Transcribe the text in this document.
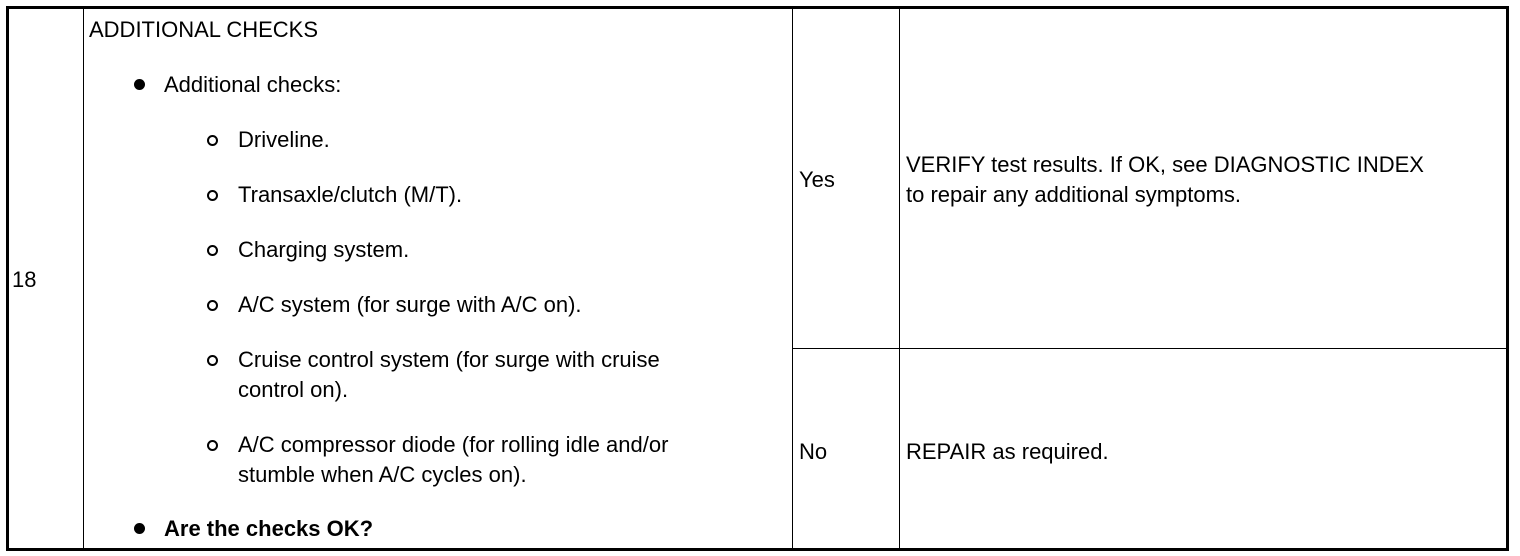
18
ADDITIONAL CHECKS
Additional checks:
Driveline.
Transaxle/clutch (M/T).
Charging system.
A/C system (for surge with A/C on).
Cruise control system (for surge with cruise
control on).
A/C compressor diode (for rolling idle and/or
stumble when A/C cycles on).
Are the checks OK?
Yes
VERIFY test results. If OK, see DIAGNOSTIC INDEX
to repair any additional symptoms.
No	REPAIR as required.
